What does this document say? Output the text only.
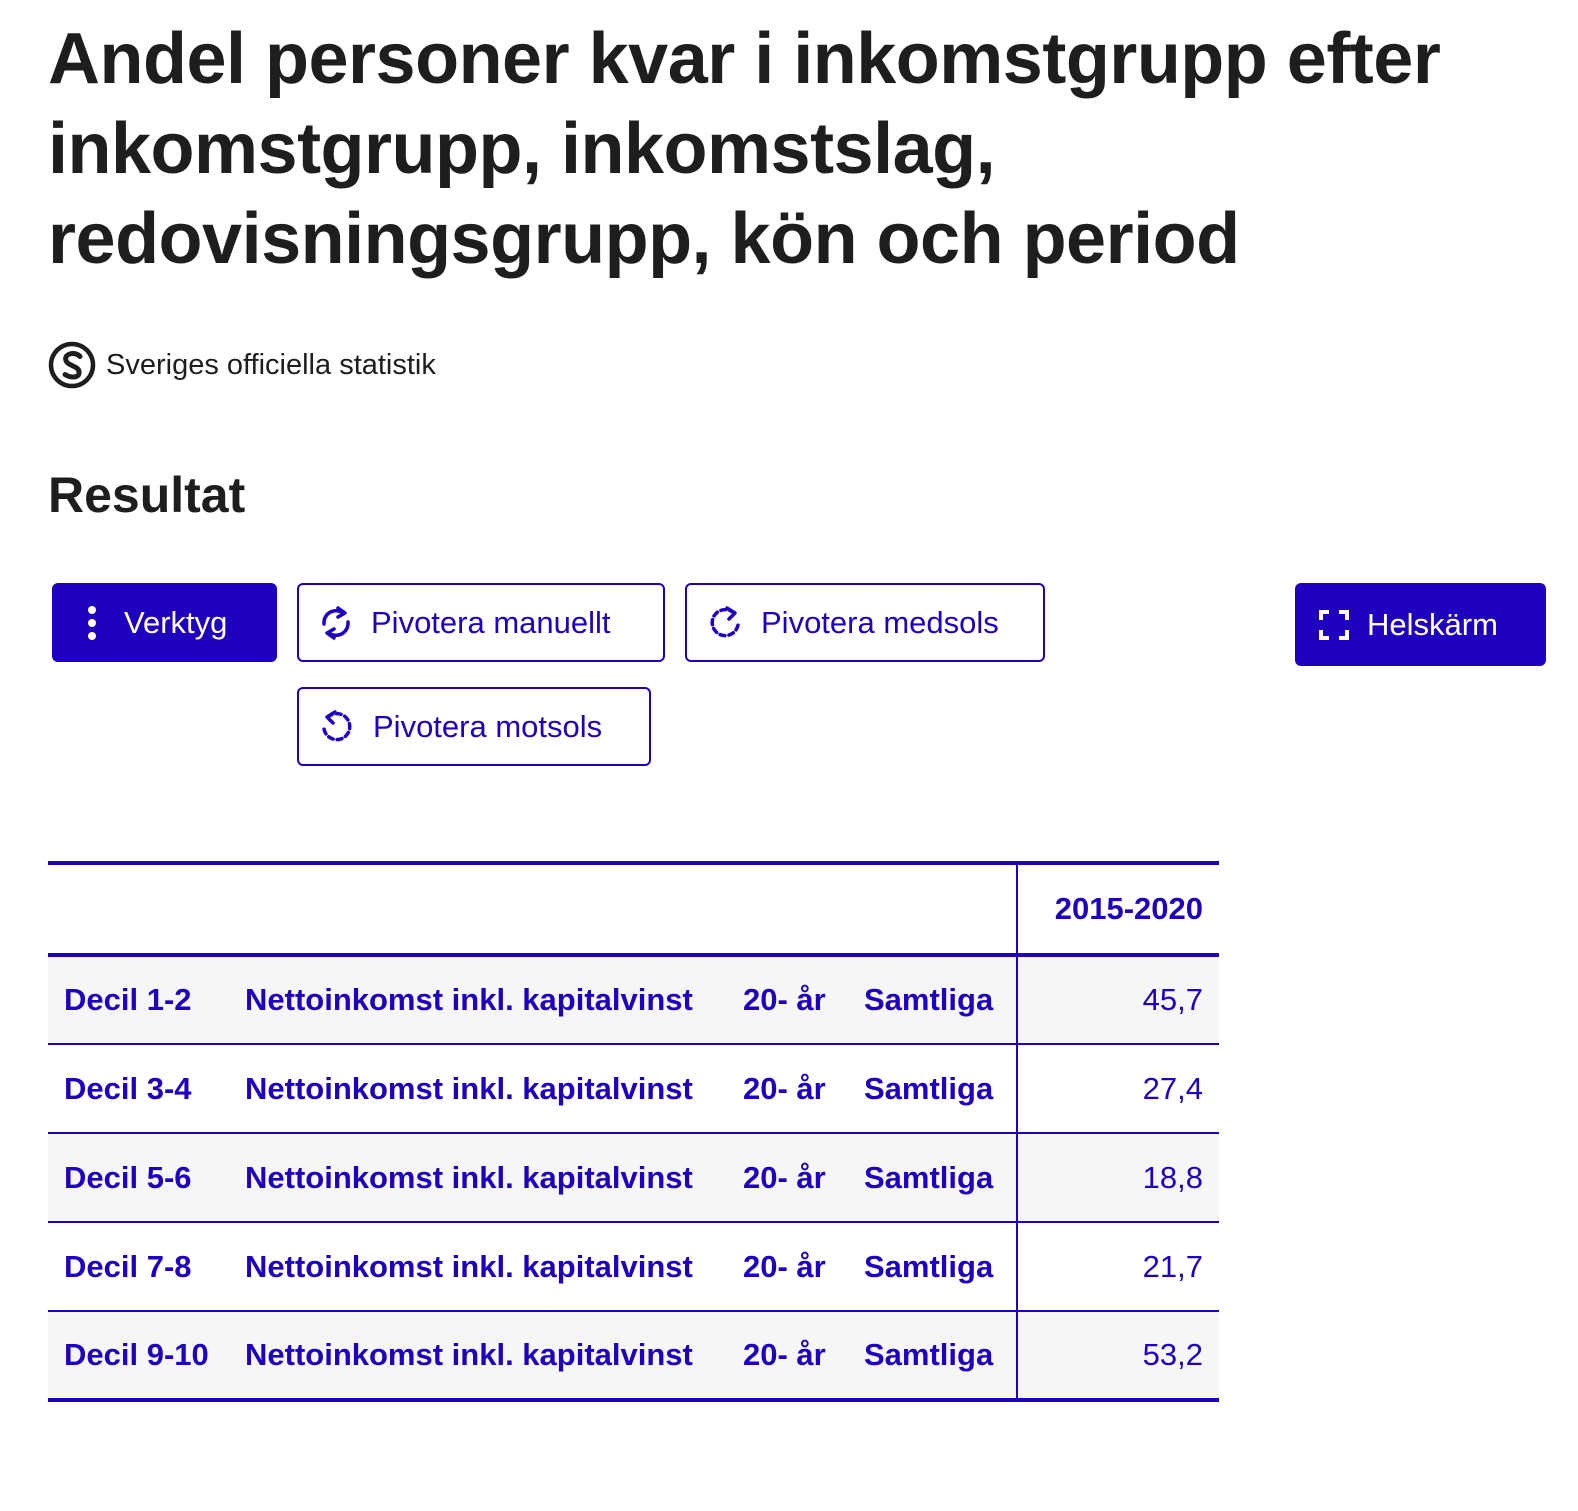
Andel personer kvar i inkomstgrupp efter inkomstgrupp, inkomstslag, redovisningsgrupp, kön och period
Sveriges officiella statistik
Resultat
Verktyg	Pivotera manuellt	Pivotera medsols
Pivotera motsols
Helskärm
				2015-2020
Decil 1-2	Nettoinkomst inkl. kapitalvinst	20- år	Samtliga	45,7
Decil 3-4	Nettoinkomst inkl. kapitalvinst	20- år	Samtliga	27,4
Decil 5-6	Nettoinkomst inkl. kapitalvinst	20- år	Samtliga	18,8
Decil 7-8	Nettoinkomst inkl. kapitalvinst	20- år	Samtliga	21,7
Decil 9-10	Nettoinkomst inkl. kapitalvinst	20- år	Samtliga	53,2
